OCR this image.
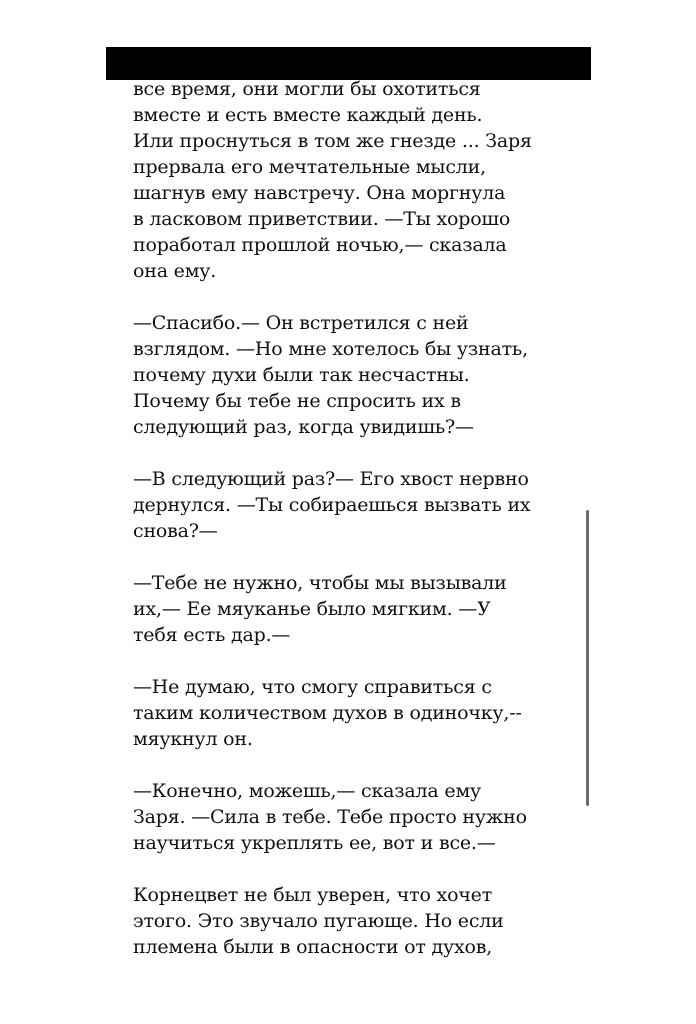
все время, они могли бы охотиться
вместе и есть вместе каждый день.
Или проснуться в том же гнезде ... Заря
прервала его мечтательные мысли,
шагнув ему навстречу. Она моргнула
в ласковом приветствии. —Ты хорошо
поработал прошлой ночью,— сказала
она ему.
—Спасибо.— Он встретился с ней
взглядом. —Но мне хотелось бы узнать,
почему духи были так несчастны.
Почему бы тебе не спросить их в
следующий раз, когда увидишь?—
—В следующий раз?— Его хвост нервно
дернулся. —Ты собираешься вызвать их
снова?—
—Тебе не нужно, чтобы мы вызывали
их,— Ее мяуканье было мягким. —У
тебя есть дар.—
—Не думаю, что смогу справиться с
таким количеством духов в одиночку,--
мяукнул он.
—Конечно, можешь,— сказала ему
Заря. —Сила в тебе. Тебе просто нужно
научиться укреплять ее, вот и все.—
Корнецвет не был уверен, что хочет
этого. Это звучало пугающе. Но если
племена были в опасности от духов,
